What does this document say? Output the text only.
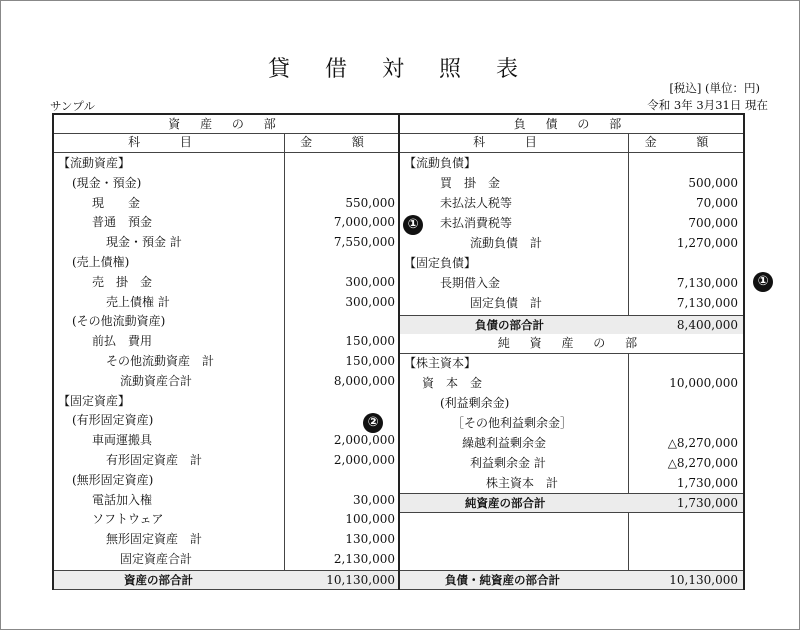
貸 借 対 照 表
[税込] (単位：円)
サンプル	令和 3年 3月31日 現在
資 産 の 部
科 目	金 額
【流動資産】
(現金・預金)
現　　金	550,000
普通　預金	7,000,000
現金・預金 計	7,550,000
(売上債権)
売　掛　金	300,000
売上債権 計	300,000
(その他流動資産)
前払　費用	150,000
その他流動資産　計	150,000
流動資産合計	8,000,000
【固定資産】
(有形固定資産)
車両運搬具	2,000,000
有形固定資産　計	2,000,000
(無形固定資産)
電話加入権	30,000
ソフトウェア	100,000
無形固定資産　計	130,000
固定資産合計	2,130,000
資産の部合計	10,130,000
負 債 の 部
科 目	金 額
【流動負債】
買　掛　金	500,000
未払法人税等	70,000
未払消費税等	700,000
流動負債　計	1,270,000
【固定負債】
長期借入金	7,130,000
固定負債　計	7,130,000
負債の部合計	8,400,000
純 資 産 の 部
【株主資本】
資　本　金	10,000,000
(利益剰余金)
［その他利益剰余金］
繰越利益剰余金	△8,270,000
利益剰余金 計	△8,270,000
株主資本　計	1,730,000
純資産の部合計	1,730,000
負債・純資産の部合計	10,130,000
①
②
①
